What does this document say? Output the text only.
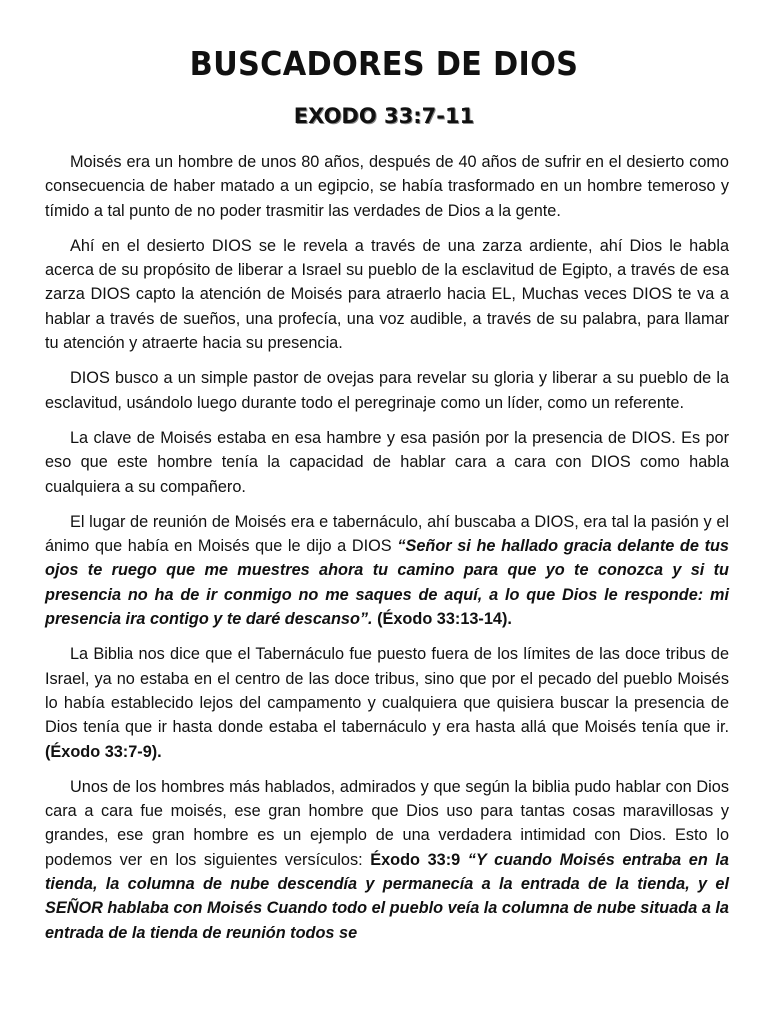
BUSCADORES DE DIOS
EXODO 33:7-11

Moisés era un hombre de unos 80 años, después de 40 años de sufrir en el desierto como consecuencia de haber matado a un egipcio, se había trasformado en un hombre temeroso y tímido a tal punto de no poder trasmitir las verdades de Dios a la gente.

Ahí en el desierto DIOS se le revela a través de una zarza ardiente, ahí Dios le habla acerca de su propósito de liberar a Israel su pueblo de la esclavitud de Egipto, a través de esa zarza DIOS capto la atención de Moisés para atraerlo hacia EL, Muchas veces DIOS te va a hablar a través de sueños, una profecía, una voz audible, a través de su palabra, para llamar tu atención y atraerte hacia su presencia.

DIOS busco a un simple pastor de ovejas para revelar su gloria y liberar a su pueblo de la esclavitud, usándolo luego durante todo el peregrinaje como un líder, como un referente.

La clave de Moisés estaba en esa hambre y esa pasión por la presencia de DIOS. Es por eso que este hombre tenía la capacidad de hablar cara a cara con DIOS como habla cualquiera a su compañero.

El lugar de reunión de Moisés era e tabernáculo, ahí buscaba a DIOS, era tal la pasión y el ánimo que había en Moisés que le dijo a DIOS “Señor si he hallado gracia delante de tus ojos te ruego que me muestres ahora tu camino para que yo te conozca y si tu presencia no ha de ir conmigo no me saques de aquí, a lo que Dios le responde: mi presencia ira contigo y te daré descanso”. (Éxodo 33:13-14).

La Biblia nos dice que el Tabernáculo fue puesto fuera de los límites de las doce tribus de Israel, ya no estaba en el centro de las doce tribus, sino que por el pecado del pueblo Moisés lo había establecido lejos del campamento y cualquiera que quisiera buscar la presencia de Dios tenía que ir hasta donde estaba el tabernáculo y era hasta allá que Moisés tenía que ir. (Éxodo 33:7-9).

Unos de los hombres más hablados, admirados y que según la biblia pudo hablar con Dios cara a cara fue moisés, ese gran hombre que Dios uso para tantas cosas maravillosas y grandes, ese gran hombre es un ejemplo de una verdadera intimidad con Dios. Esto lo podemos ver en los siguientes versículos: Éxodo 33:9 “Y cuando Moisés entraba en la tienda, la columna de nube descendía y permanecía a la entrada de la tienda, y el SEÑOR hablaba con Moisés Cuando todo el pueblo veía la columna de nube situada a la entrada de la tienda de reunión todos se
